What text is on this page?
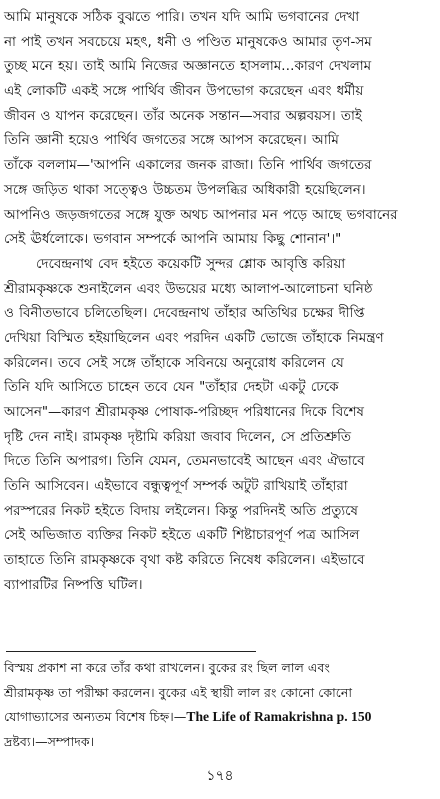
আমি মানুষকে সঠিক বুঝতে পারি। তখন যদি আমি ভগবানের দেখা
না পাই তখন সবচেয়ে মহৎ, ধনী ও পণ্ডিত মানুষকেও আমার তৃণ-সম
তুচ্ছ মনে হয়। তাই আমি নিজের অজ্ঞানতে হাসলাম…কারণ দেখলাম
এই লোকটি একই সঙ্গে পার্থিব জীবন উপভোগ করেছেন এবং ধর্মীয়
জীবন ও যাপন করেছেন। তাঁর অনেক সন্তান—সবার অল্পবয়স। তাই
তিনি জ্ঞানী হয়েও পার্থিব জগতের সঙ্গে আপস করেছেন। আমি
তাঁকে বললাম—'আপনি একালের জনক রাজা। তিনি পার্থিব জগতের
সঙ্গে জড়িত থাকা সত্ত্বেও উচ্চতম উপলব্ধির অধিকারী হয়েছিলেন।
আপনিও জড়জগতের সঙ্গে যুক্ত অথচ আপনার মন পড়ে আছে ভগবানের
সেই ঊর্ধলোকে। ভগবান সম্পর্কে আপনি আমায় কিছু শোনান'।"
দেবেন্দ্রনাথ বেদ হইতে কয়েকটি সুন্দর শ্লোক আবৃত্তি করিয়া
শ্রীরামকৃষ্ণকে শুনাইলেন এবং উভয়ের মধ্যে আলাপ-আলোচনা ঘনিষ্ঠ
ও বিনীতভাবে চলিতেছিল। দেবেন্দ্রনাথ তাঁহার অতিথির চক্ষের দীপ্তি
দেখিয়া বিস্মিত হইয়াছিলেন এবং পরদিন একটি ভোজে তাঁহাকে নিমন্ত্রণ
করিলেন। তবে সেই সঙ্গে তাঁহাকে সবিনয়ে অনুরোধ করিলেন যে
তিনি যদি আসিতে চাহেন তবে যেন "তাঁহার দেহটা একটু ঢেকে
আসেন"—কারণ শ্রীরামকৃষ্ণ পোষাক-পরিচ্ছদ পরিধানের দিকে বিশেষ
দৃষ্টি দেন নাই। রামকৃষ্ণ দৃষ্টামি করিয়া জবাব দিলেন, সে প্রতিশ্রুতি
দিতে তিনি অপারগ। তিনি যেমন, তেমনভাবেই আছেন এবং ঐভাবে
তিনি আসিবেন। এইভাবে বন্ধুত্বপূর্ণ সম্পর্ক অটুট রাখিয়াই তাঁহারা
পরস্পরের নিকট হইতে বিদায় লইলেন। কিন্তু পরদিনই অতি প্রত্যুষে
সেই অভিজাত ব্যক্তির নিকট হইতে একটি শিষ্টাচারপূর্ণ পত্র আসিল
তাহাতে তিনি রামকৃষ্ণকে বৃথা কষ্ট করিতে নিষেধ করিলেন। এইভাবে
ব্যাপারটির নিষ্পত্তি ঘটিল।
বিস্ময় প্রকাশ না করে তাঁর কথা রাখলেন। বুকের রং ছিল লাল এবং
শ্রীরামকৃষ্ণ তা পরীক্ষা করলেন। বুকের এই স্থায়ী লাল রং কোনো কোনো
যোগাভ্যাসের অন্যতম বিশেষ চিহ্ন।—The Life of Ramakrishna p. 150
দ্রষ্টব্য।—সম্পাদক।
১৭৪
